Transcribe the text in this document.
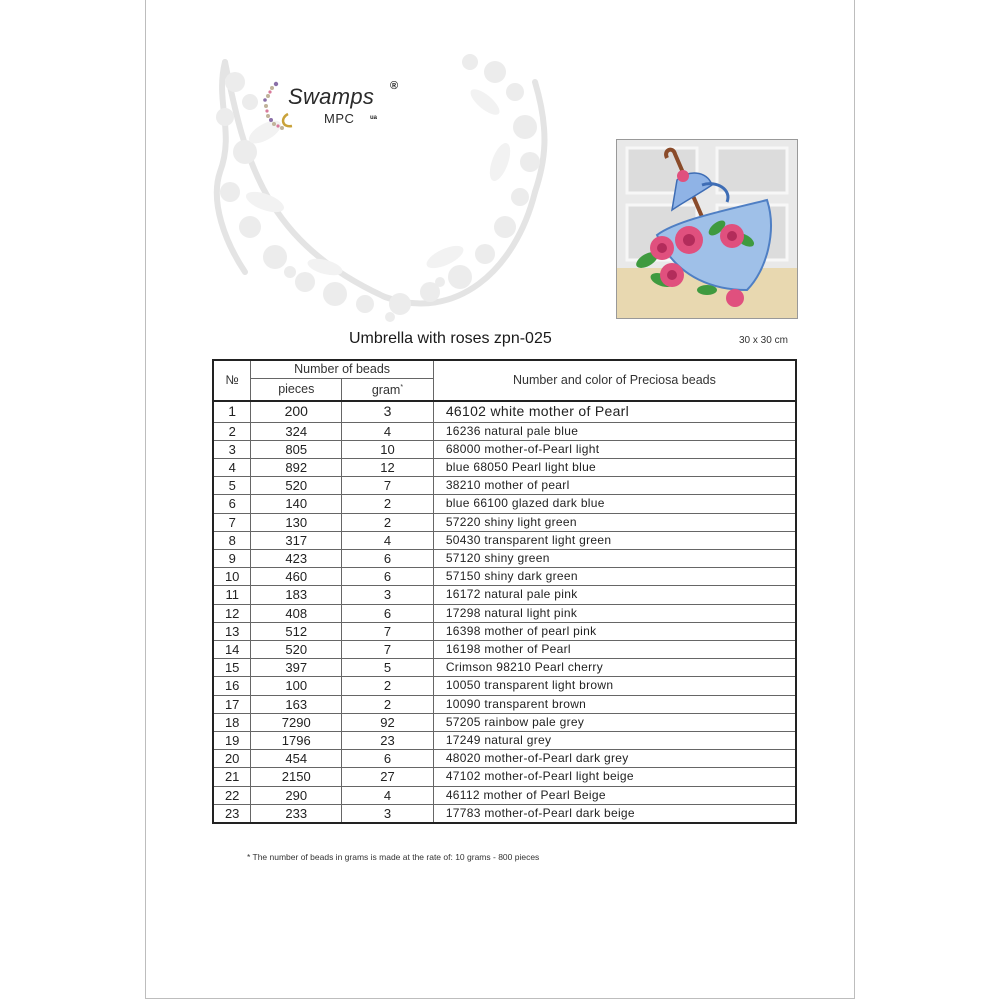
Swamps
MPC
®
ua
Umbrella with roses zpn-025	30 x 30 cm
№	Number of beads		Number and color of Preciosa beads
	pieces	gram*
1	200	3	46102 white mother of Pearl
2	324	4	16236 natural pale blue
3	805	10	68000 mother-of-Pearl light
4	892	12	blue 68050 Pearl light blue
5	520	7	38210 mother of pearl
6	140	2	blue 66100 glazed dark blue
7	130	2	57220 shiny light green
8	317	4	50430 transparent light green
9	423	6	57120 shiny green
10	460	6	57150 shiny dark green
11	183	3	16172 natural pale pink
12	408	6	17298 natural light pink
13	512	7	16398 mother of pearl pink
14	520	7	16198 mother of Pearl
15	397	5	Crimson 98210 Pearl cherry
16	100	2	10050 transparent light brown
17	163	2	10090 transparent brown
18	7290	92	57205 rainbow pale grey
19	1796	23	17249 natural grey
20	454	6	48020 mother-of-Pearl dark grey
21	2150	27	47102 mother-of-Pearl light beige
22	290	4	46112 mother of Pearl Beige
23	233	3	17783 mother-of-Pearl dark beige
* The number of beads in grams is made at the rate of: 10 grams - 800 pieces
